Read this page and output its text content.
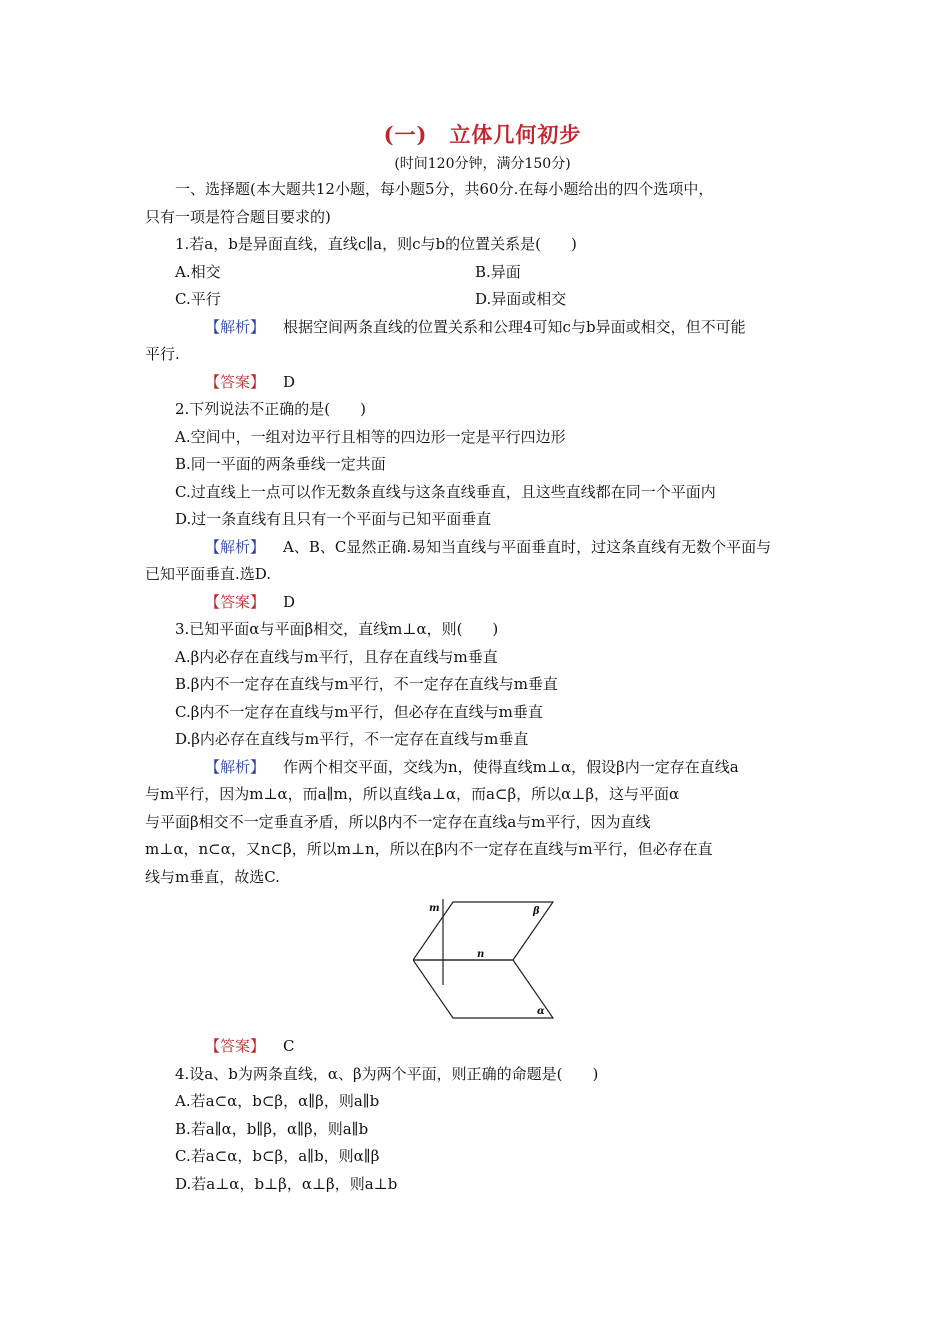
(一) 立体几何初步
(时间120分钟，满分150分)

一、选择题(本大题共12小题，每小题5分，共60分.在每小题给出的四个选项中，

只有一项是符合题目要求的)

1.若a，b是异面直线，直线c∥a，则c与b的位置关系是(　　)

A.相交	B.异面
C.平行	D.异面或相交

【解析】 根据空间两条直线的位置关系和公理4可知c与b异面或相交，但不可能

平行.

【答案】 D

2.下列说法不正确的是(　　)

A.空间中，一组对边平行且相等的四边形一定是平行四边形

B.同一平面的两条垂线一定共面

C.过直线上一点可以作无数条直线与这条直线垂直，且这些直线都在同一个平面内

D.过一条直线有且只有一个平面与已知平面垂直

【解析】 A、B、C显然正确.易知当直线与平面垂直时，过这条直线有无数个平面与

已知平面垂直.选D.

【答案】 D

3.已知平面α与平面β相交，直线m⊥α，则(　　)

A.β内必存在直线与m平行，且存在直线与m垂直

B.β内不一定存在直线与m平行，不一定存在直线与m垂直

C.β内不一定存在直线与m平行，但必存在直线与m垂直

D.β内必存在直线与m平行，不一定存在直线与m垂直

【解析】 作两个相交平面，交线为n，使得直线m⊥α，假设β内一定存在直线a

与m平行，因为m⊥α，而a∥m，所以直线a⊥α，而a⊂β，所以α⊥β，这与平面α

与平面β相交不一定垂直矛盾，所以β内不一定存在直线a与m平行，因为直线

m⊥α，n⊂α，又n⊂β，所以m⊥n，所以在β内不一定存在直线与m平行，但必存在直

线与m垂直，故选C.

m	β
n
α

【答案】 C

4.设a、b为两条直线，α、β为两个平面，则正确的命题是(　　)

A.若a⊂α，b⊂β，α∥β，则a∥b

B.若a∥α，b∥β，α∥β，则a∥b

C.若a⊂α，b⊂β，a∥b，则α∥β

D.若a⊥α，b⊥β，α⊥β，则a⊥b
